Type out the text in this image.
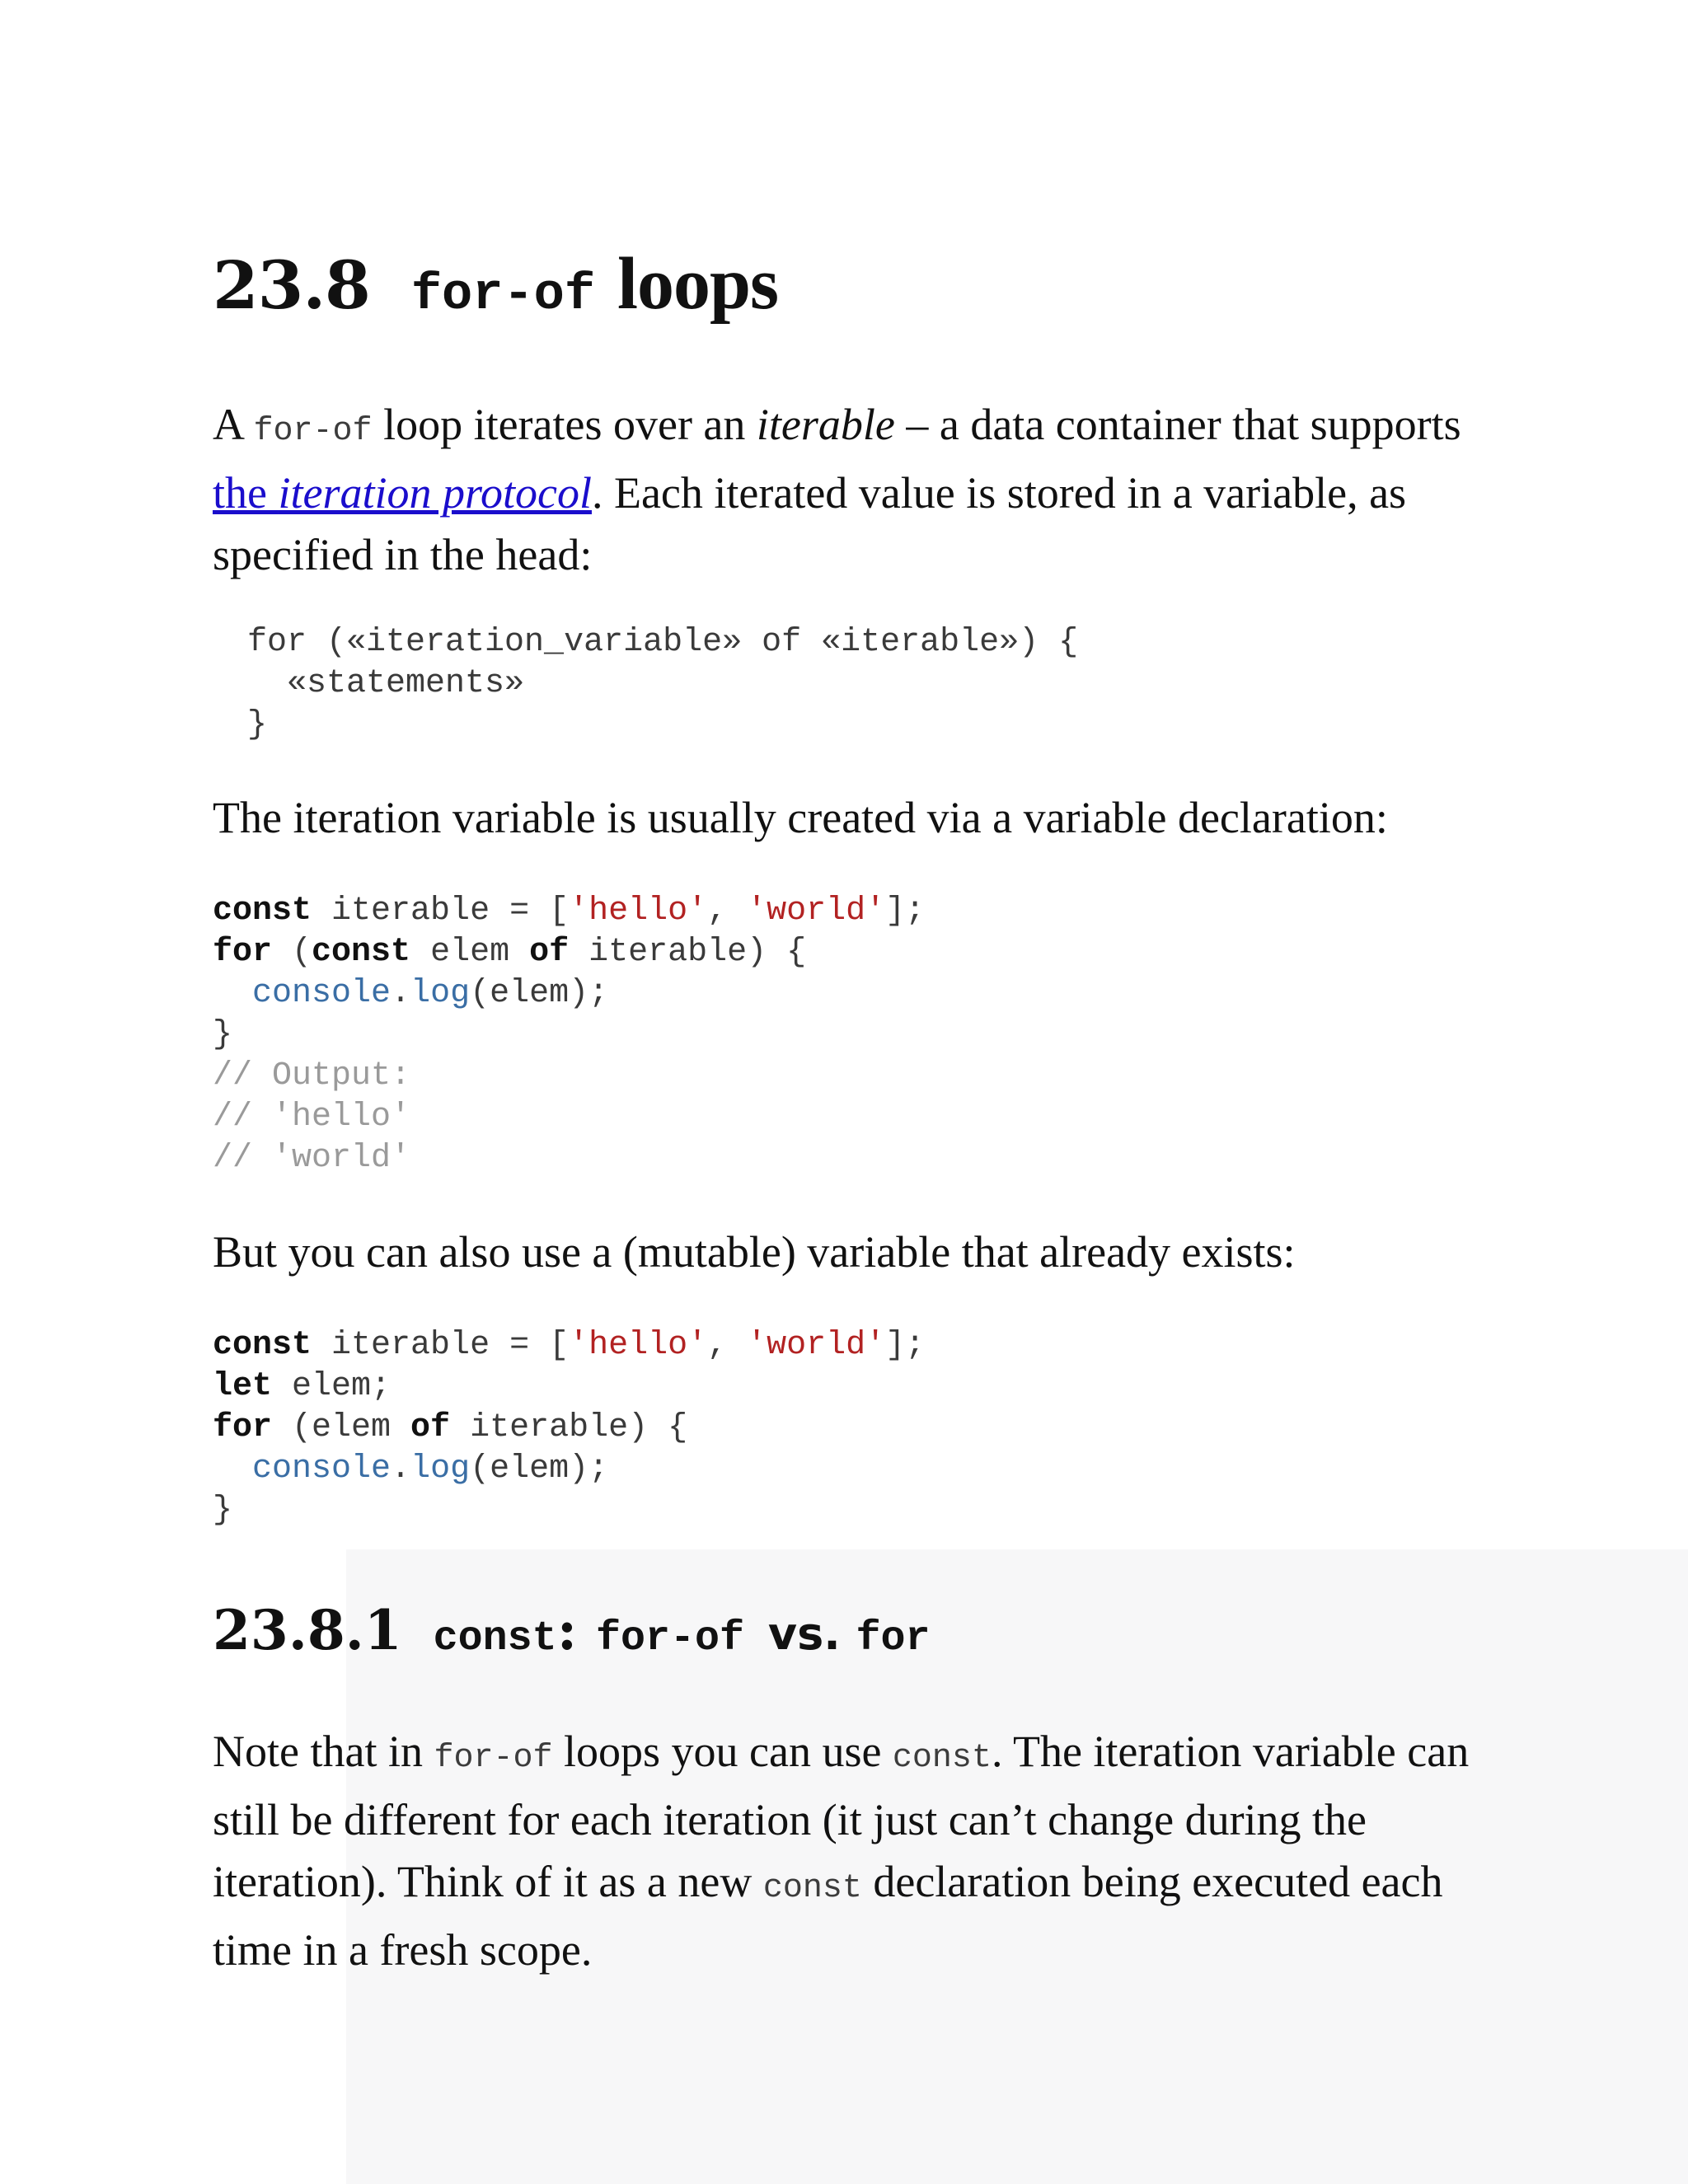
23.8 for-of loops

A for-of loop iterates over an iterable – a data container that supports the iteration protocol. Each iterated value is stored in a variable, as specified in the head:

for («iteration_variable» of «iterable») {
«statements»
}

The iteration variable is usually created via a variable declaration:

const iterable = ['hello', 'world'];
for (const elem of iterable) {
console.log(elem);
}
// Output:
// 'hello'
// 'world'

But you can also use a (mutable) variable that already exists:

const iterable = ['hello', 'world'];
let elem;
for (elem of iterable) {
console.log(elem);
}
23.8.1 const: for-of vs. for

Note that in for-of loops you can use const. The iteration variable can still be different for each iteration (it just can’t change during the iteration). Think of it as a new const declaration being executed each time in a fresh scope.
